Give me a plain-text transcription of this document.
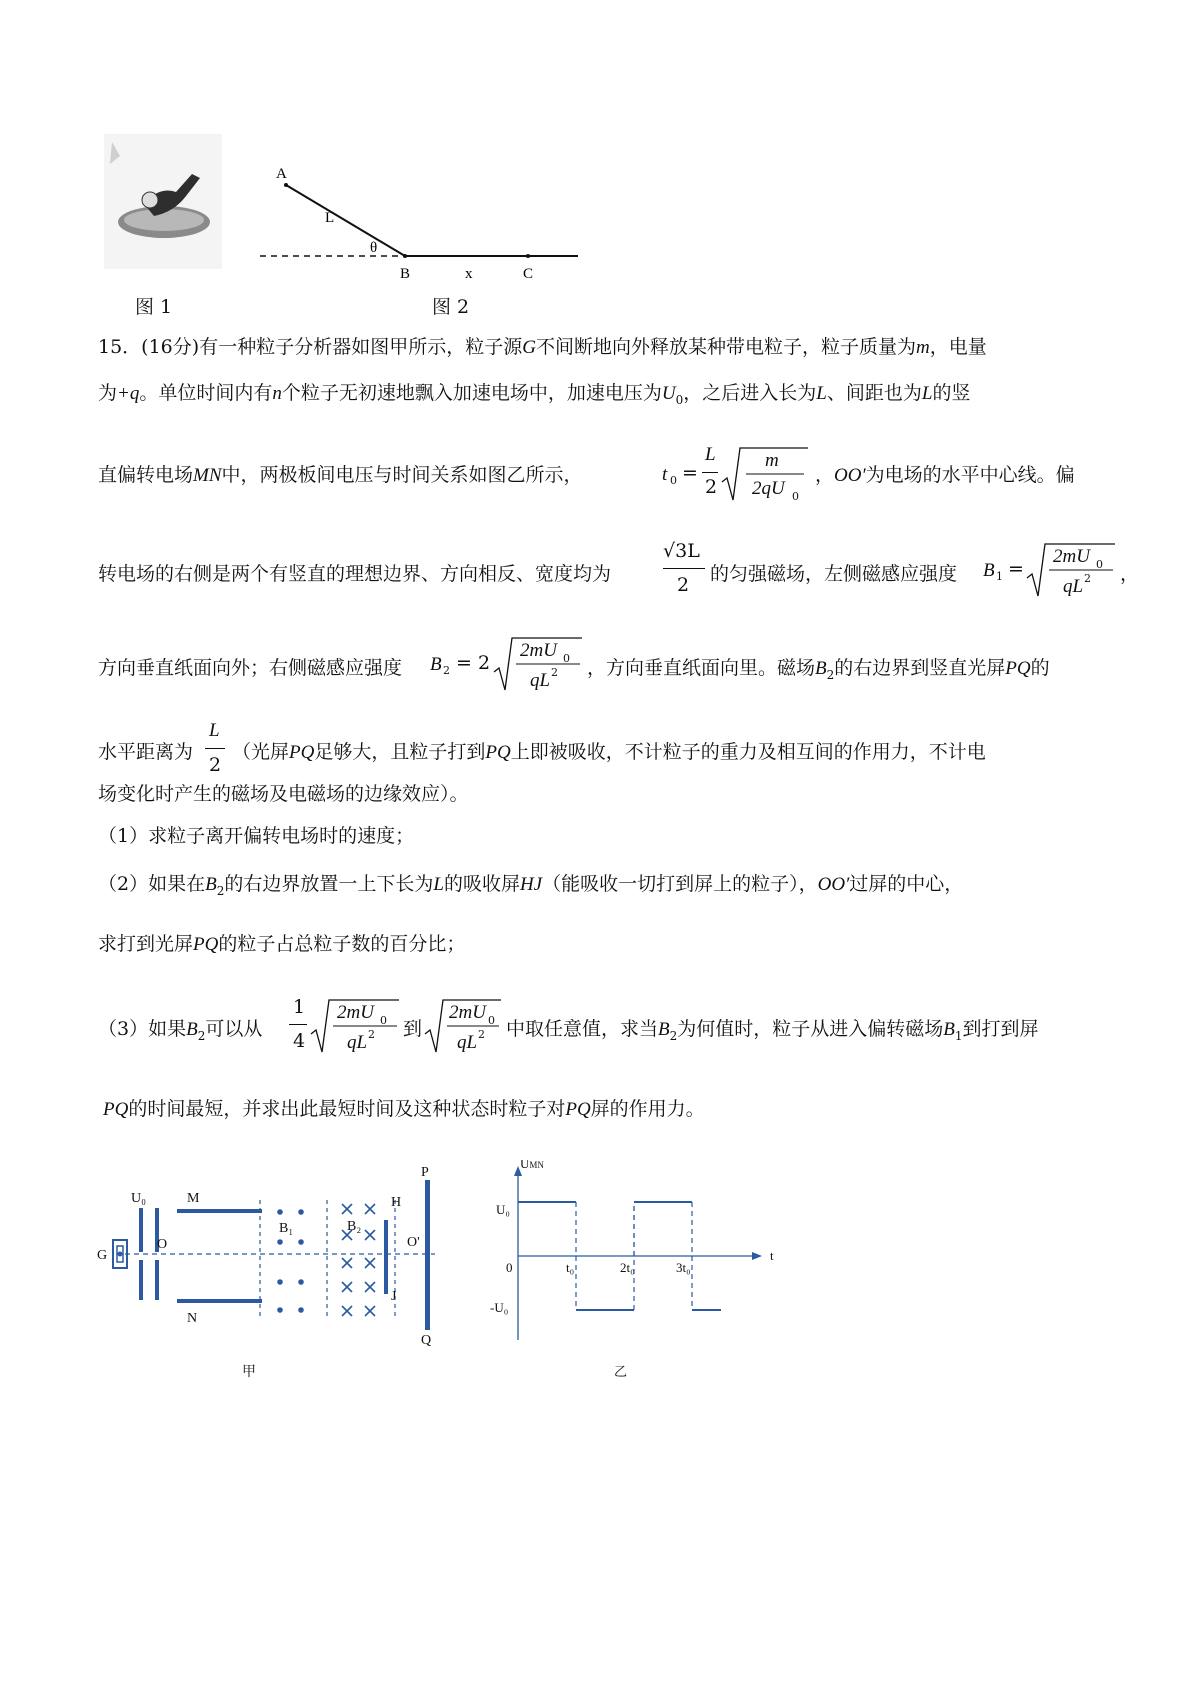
图 1
A
L
θ
B	x	C
图 2
15．(16分)有一种粒子分析器如图甲所示，粒子源G不间断地向外释放某种带电粒子，粒子质量为m，电量
为+q。单位时间内有n个粒子无初速地飘入加速电场中，加速电压为$U_0$，之后进入长为L、间距也为L的竖
直偏转电场MN中，两极板间电压与时间关系如图乙所示，	t 0 =
L
2
m
2qU 0
，OO′为电场的水平中心线。偏
转电场的右侧是两个有竖直的理想边界、方向相反、宽度均为
√3L
2 的匀强磁场，左侧磁感应强度 B 1 =
2mU 0
qL 2 ，
方向垂直纸面向外；右侧磁感应强度 B 2 = 2
2mU 0
qL 2 ，方向垂直纸面向里。磁场$B_2$的右边界到竖直光屏PQ的
水平距离为
L
2
（光屏PQ足够大，且粒子打到PQ上即被吸收，不计粒子的重力及相互间的作用力，不计电
场变化时产生的磁场及电磁场的边缘效应）。
（1）求粒子离开偏转电场时的速度；
（2）如果在$B_2$的右边界放置一上下长为L的吸收屏HJ（能吸收一切打到屏上的粒子），OO′过屏的中心，
求打到光屏PQ的粒子占总粒子数的百分比；
（3）如果$B_2$可以从
1
4
2mU 0
qL 2 到
2mU 0
qL 2 中取任意值，求当$B_2$为何值时，粒子从进入偏转磁场$B_1$到打到屏
PQ的时间最短，并求出此最短时间及这种状态时粒子对PQ屏的作用力。
U₀	M
N
G
O
B₁	B₂
H
J
P
Q
O'
甲
UMN
t
U₀
-U₀
0	t₀	2t₀	3t₀
乙
